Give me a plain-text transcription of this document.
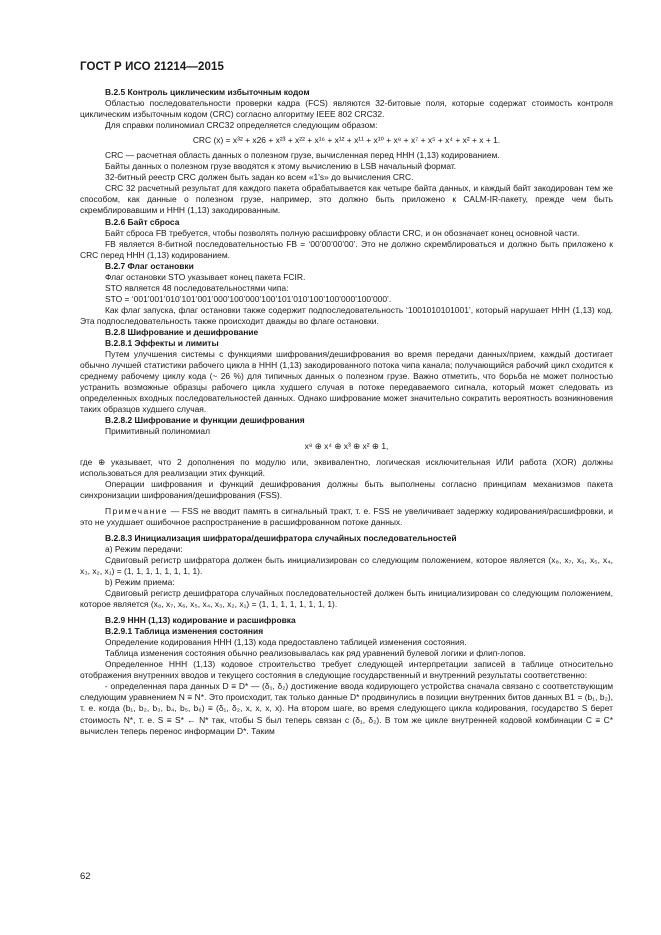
ГОСТ Р ИСО 21214—2015

B.2.5 Контроль циклическим избыточным кодом

Областью последовательности проверки кадра (FCS) являются 32-битовые поля, которые содержат стоимость контроля циклическим избыточным кодом (CRC) согласно алгоритму IEEE 802 CRC32.

Для справки полиномиал CRC32 определяется следующим образом:

CRC (x) = x³² + x26 + x²³ + x²² + x¹⁶ + x¹² + x¹¹ + x¹⁰ + x⁸ + x⁷ + x⁵ + x⁴ + x² + x + 1.

CRC — расчетная область данных о полезном грузе, вычисленная перед ННН (1,13) кодированием.

Байты данных о полезном грузе вводятся к этому вычислению в LSB начальный формат.

32-битный реестр CRC должен быть задан ко всем «1's» до вычисления CRC.

CRC 32 расчетный результат для каждого пакета обрабатывается как четыре байта данных, и каждый байт закодирован тем же способом, как данные о полезном грузе, например, это должно быть приложено к CALM-IR-пакету, прежде чем быть скремблировавшим и ННН (1,13) закодированным.

B.2.6 Байт сброса

Байт сброса FB требуется, чтобы позволять полную расшифровку области CRC, и он обозначает конец основной части.

FB является 8-битной последовательностью FB = ‘00’00’00’00’. Это не должно скремблироваться и должно быть приложено к CRC перед ННН (1,13) кодированием.

B.2.7 Флаг остановки

Флаг остановки STO указывает конец пакета FCIR.

STO является 48 последовательностями чипа:

STO = ‘001’001’010’101’001’000’100’000’100’101’010’100’100’000’100’000’.

Как флаг запуска, флаг остановки также содержит подпоследовательность ‘1001010101001’, который нарушает ННН (1,13) код. Эта подпоследовательность также происходит дважды во флаге остановки.

B.2.8 Шифрование и дешифрование

B.2.8.1 Эффекты и лимиты

Путем улучшения системы с функциями шифрования/дешифрования во время передачи данных/прием, каждый достигает обычно лучшей статистики рабочего цикла в ННН (1,13) закодированного потока чипа канала; получающийся рабочий цикл сходится к среднему рабочему циклу кода (~ 26 %) для типичных данных о полезном грузе. Важно отметить, что борьба не может полностью устранить возможные образцы рабочего цикла худшего случая в потоке передаваемого сигнала, который может следовать из определенных входных последовательностей данных. Однако шифрование может значительно сократить вероятность возникновения таких образцов худшего случая.

B.2.8.2 Шифрование и функции дешифрования

Примитивный полиномиал

x⁸ ⊕ x⁴ ⊕ x³ ⊕ x² ⊕ 1,

где ⊕ указывает, что 2 дополнения по модулю или, эквивалентно, логическая исключительная ИЛИ работа (XOR) должны использоваться для реализации этих функций.

Операции шифрования и функций дешифрования должны быть выполнены согласно принципам механизмов пакета синхронизации шифрования/дешифрования (FSS).

Примечание — FSS не вводит память в сигнальный тракт, т. е. FSS не увеличивает задержку кодирования/расшифровки, и это не ухудшает ошибочное распространение в расшифрованном потоке данных.

B.2.8.3 Инициализация шифратора/дешифратора случайных последовательностей

а) Режим передачи:

Сдвиговый регистр шифратора должен быть инициализирован со следующим положением, которое является (x₈, x₇, x₆, x₅, x₄, x₃, x₂, x₁) = (1, 1, 1, 1, 1, 1, 1, 1).

b) Режим приема:

Сдвиговый регистр дешифратора случайных последовательностей должен быть инициализирован со следующим положением, которое является (x₈, x₇, x₆, x₅, x₄, x₃, x₂, x₁) = (1, 1, 1, 1, 1, 1, 1, 1).

B.2.9 ННН (1,13) кодирование и расшифровка

B.2.9.1 Таблица изменения состояния

Определение кодирования ННН (1,13) кода предоставлено таблицей изменения состояния.

Таблица изменения состояния обычно реализовывалась как ряд уравнений булевой логики и флип-лопов.

Определенное ННН (1,13) кодовое строительство требует следующей интерпретации записей в таблице относительно отображения внутренних вводов и текущего состояния в следующие государственный и внутренний результаты соответственно:

- определенная пара данных D ≡ D* — (δ₁, δ₂) достижение ввода кодирующего устройства сначала связано с соответствующим следующим уравнением N ≡ N*. Это происходит, так только данные D* продвинулись в позиции внутренних битов данных B1 = (b₁, b₂), т. е. когда (b₁, b₂, b₃, b₄, b₅, b₆) ≡ (δ₁, δ₂, x, x, x, x). На втором шаге, во время следующего цикла кодирования, государство S берет стоимость N*, т. е. S ≡ S* ← N* так, чтобы S был теперь связан с (δ₁, δ₂). В том же цикле внутренней кодовой комбинации C ≡ C* вычислен теперь перенос информации D*. Таким

62
